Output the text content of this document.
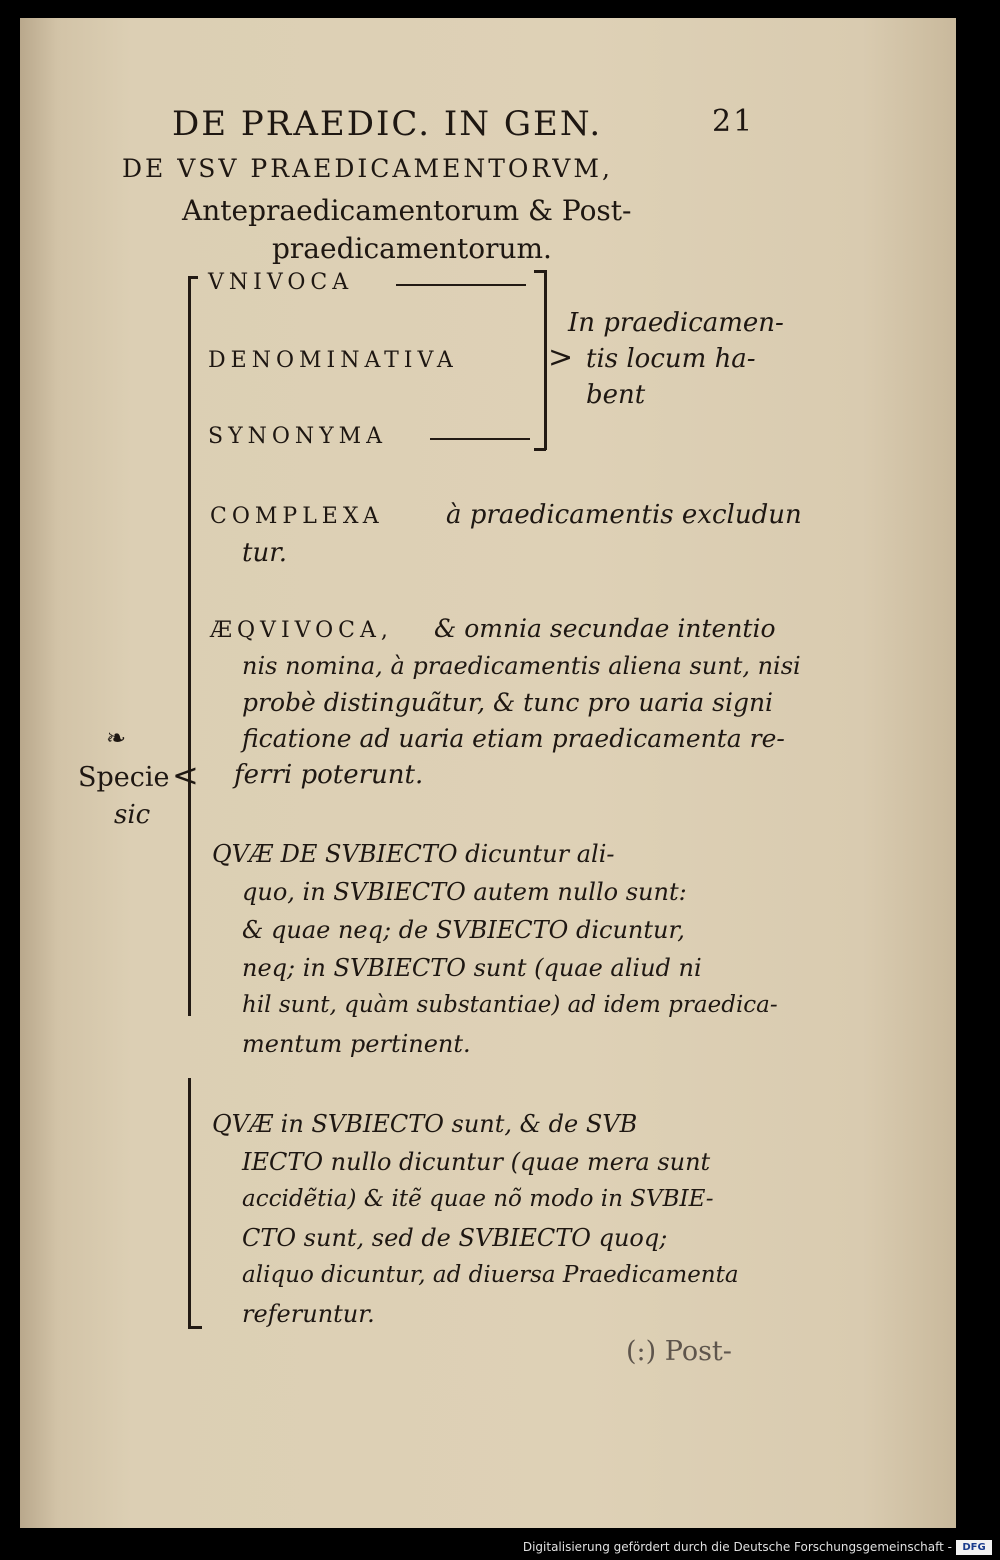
DE PRAEDIC. IN GEN.	21
DE VSV PRAEDICAMENTORVM,
Antepraedicamentorum & Post-
praedicamentorum.
<
VNIVOCA
DENOMINATIVA
SYNONYMA
>
In praedicamen-
tis locum ha-
bent
COMPLEXA à praedicamentis excludun
tur.
ÆQVIVOCA, & omnia secundae intentio
nis nomina, à praedicamentis aliena sunt, nisi
probè distinguãtur, & tunc pro uaria signi
ficatione ad uaria etiam praedicamenta re-
ferri poterunt.
❧
Specie
sic
QVÆ DE SVBIECTO dicuntur ali-
quo, in SVBIECTO autem nullo sunt:
& quae neq; de SVBIECTO dicuntur,
neq; in SVBIECTO sunt (quae aliud ni
hil sunt, quàm substantiae) ad idem praedica-
mentum pertinent.
QVÆ in SVBIECTO sunt, & de SVB
IECTO nullo dicuntur (quae mera sunt
accidẽtia) & itẽ quae nõ modo in SVBIE-
CTO sunt, sed de SVBIECTO quoq;
aliquo dicuntur, ad diuersa Praedicamenta
referuntur.
(:) Post-
Digitalisierung gefördert durch die Deutsche Forschungsgemeinschaft -	DFG
